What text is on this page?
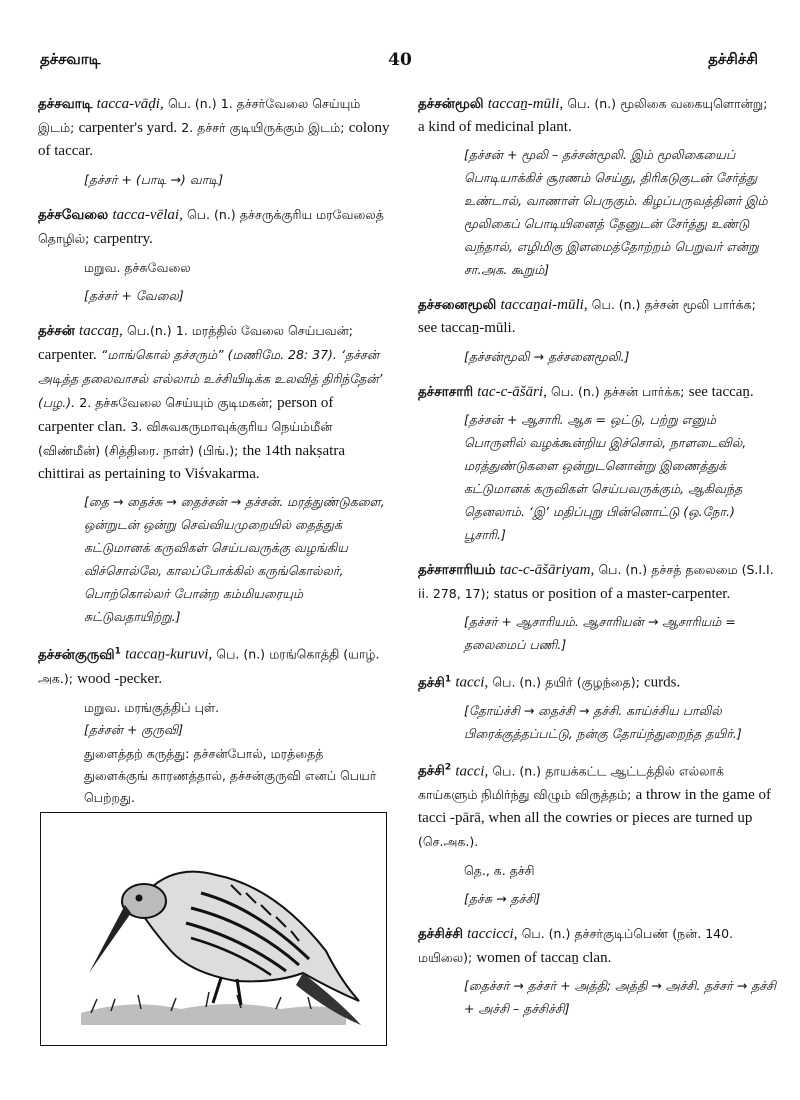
தச்சவாடி	40	தச்சிச்சி
தச்சவாடி tacca-vāḍi, பெ. (n.) 1. தச்சர்வேலை செய்யும் இடம்; carpenter's yard. 2. தச்சர் குடியிருக்கும் இடம்; colony of taccar.
[தச்சர் + (பாடி →) வாடி]
தச்சவேலை tacca-vēlai, பெ. (n.) தச்சருக்குரிய மரவேலைத் தொழில்; carpentry.
மறுவ. தச்சுவேலை
[தச்சர் + வேலை]
தச்சன் taccaṉ, பெ.(n.) 1. மரத்தில் வேலை செய்பவன்; carpenter. “மாங்கொல் தச்சரும்” (மணிமே. 28: 37). ‘தச்சன் அடித்த தலைவாசல் எல்லாம் உச்சியிடிக்க உலவித் திரிந்தேன்’ (பழ.). 2. தச்சுவேலை செய்யும் குடிமகன்; person of carpenter clan. 3. விசுவகருமாவுக்குரிய நெய்ம்மீன் (விண்மீன்) (சித்திரை. நாள்) (பிங்.); the 14th nakṣatra chittirai as pertaining to Viśvakarma.
[தை → தைச்சு → தைச்சன் → தச்சன். மரத்துண்டுகளை, ஒன்றுடன் ஒன்று செவ்வியமுறையில் தைத்துக் கட்டுமானக் கருவிகள் செய்பவருக்கு வழங்கிய விச்சொல்லே, காலப்போக்கில் கருங்கொல்லர், பொற்கொல்லர் போன்ற கம்மியரையும் சுட்டுவதாயிற்று.]
தச்சன்குருவி$^1$ taccaṉ-kuruvi, பெ. (n.) மரங்கொத்தி (யாழ். அக.); wood -pecker.
மறுவ. மரங்குத்திப் புள்.
[தச்சன் + குருவி]
துளைத்தற் கருத்து: தச்சன்போல், மரத்தைத் துளைக்குங் காரணத்தால், தச்சன்குருவி எனப் பெயர் பெற்றது.
தச்சன்மூலி taccaṉ-mūli, பெ. (n.) மூலிகை வகையுளொன்று; a kind of medicinal plant.
[தச்சன் + மூலி – தச்சன்மூலி. இம் மூலிகையைப் பொடியாக்கிச் சூரணம் செய்து, திரிகடுகுடன் சேர்த்து உண்டால், வாணாள் பெருகும். கிழப்பருவத்தினர் இம் மூலிகைப் பொடியினைத் தேனுடன் சேர்த்து உண்டு வந்தால், எழிமிகு இளமைத்தோற்றம் பெறுவர் என்று சா.அக. கூறும்]
தச்சனைமூலி taccaṉai-mūli, பெ. (n.) தச்சன் மூலி பார்க்க; see taccaṉ-mūli.
[தச்சன்மூலி → தச்சனைமூலி.]
தச்சாசாரி tac-c-āšāri, பெ. (n.) தச்சன் பார்க்க; see taccaṉ.
[தச்சன் + ஆசாரி. ஆசு = ஒட்டு, பற்று எனும் பொருளில் வழக்கூன்றிய இச்சொல், நாளடைவில், மரத்துண்டுகளை ஒன்றுடனொன்று இணைத்துக் கட்டுமானக் கருவிகள் செய்பவருக்கும், ஆகிவந்த தெனலாம். ‘இ’ மதிப்புறு பின்னொட்டு (ஒ.நோ.) பூசாரி.]
தச்சாசாரியம் tac-c-āšāriyam, பெ. (n.) தச்சத் தலைமை (S.I.I. ii. 278, 17); status or position of a master-carpenter.
[தச்சர் + ஆசாரியம். ஆசாரியன் → ஆசாரியம் = தலைமைப் பணி.]
தச்சி$^1$ tacci, பெ. (n.) தயிர் (குழந்தை); curds.
[தோய்ச்சி → தைச்சி → தச்சி. காய்ச்சிய பாலில் பிரைக்குத்தப்பட்டு, நன்கு தோய்ந்துறைந்த தயிர்.]
தச்சி$^2$ tacci, பெ. (n.) தாயக்கட்ட ஆட்டத்தில் எல்லாக் காய்களும் நிமிர்ந்து விழும் விருத்தம்; a throw in the game of tacci -pārā, when all the cowries or pieces are turned up (செ.அக.).
தெ., க. தச்சி
[தச்சு → தச்சி]
தச்சிச்சி taccicci, பெ. (n.) தச்சர்குடிப்பெண் (நன். 140. மயிலை); women of taccaṉ clan.
[தைச்சர் → தச்சர் + அத்தி; அத்தி → அச்சி. தச்சர் → தச்சி + அச்சி – தச்சிச்சி]
